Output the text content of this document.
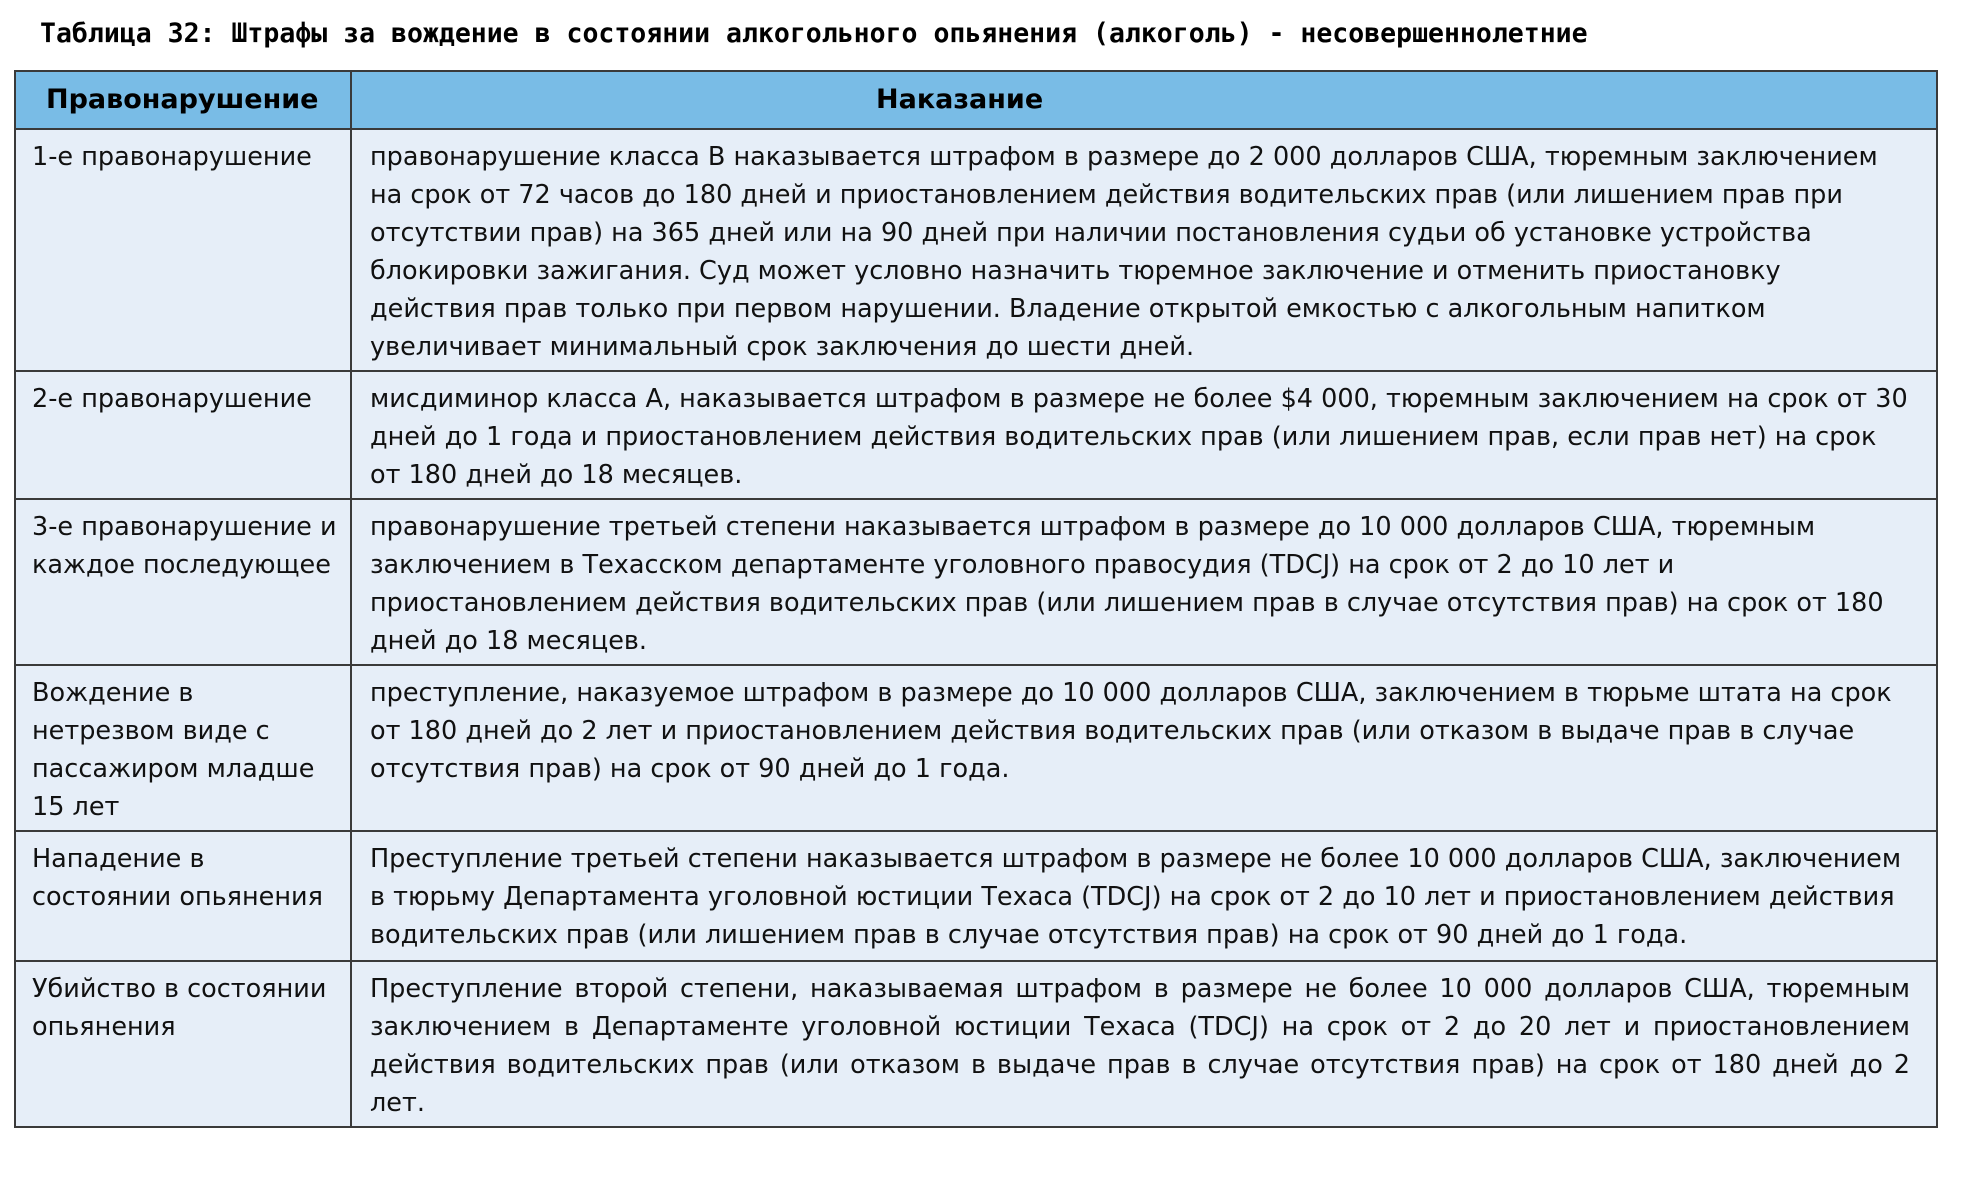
Таблица 32: Штрафы за вождение в состоянии алкогольного опьянения (алкоголь) - несовершеннолетние
Правонарушение	Наказание
1-е правонарушение	правонарушение класса B наказывается штрафом в размере до 2 000 долларов США, тюремным заключением на срок от 72 часов до 180 дней и приостановлением действия водительских прав (или лишением прав при отсутствии прав) на 365 дней или на 90 дней при наличии постановления судьи об установке устройства блокировки зажигания. Суд может условно назначить тюремное заключение и отменить приостановку действия прав только при первом нарушении. Владение открытой емкостью с алкогольным напитком увеличивает минимальный срок заключения до шести дней.
2-е правонарушение	мисдиминор класса A, наказывается штрафом в размере не более $4 000, тюремным заключением на срок от 30 дней до 1 года и приостановлением действия водительских прав (или лишением прав, если прав нет) на срок от 180 дней до 18 месяцев.
3-е правонарушение и каждое последующее	правонарушение третьей степени наказывается штрафом в размере до 10 000 долларов США, тюремным заключением в Техасском департаменте уголовного правосудия (TDCJ) на срок от 2 до 10 лет и приостановлением действия водительских прав (или лишением прав в случае отсутствия прав) на срок от 180 дней до 18 месяцев.
Вождение в нетрезвом виде с пассажиром младше 15 лет	преступление, наказуемое штрафом в размере до 10 000 долларов США, заключением в тюрьме штата на срок от 180 дней до 2 лет и приостановлением действия водительских прав (или отказом в выдаче прав в случае отсутствия прав) на срок от 90 дней до 1 года.
Нападение в состоянии опьянения	Преступление третьей степени наказывается штрафом в размере не более 10 000 долларов США, заключением в тюрьму Департамента уголовной юстиции Техаса (TDCJ) на срок от 2 до 10 лет и приостановлением действия водительских прав (или лишением прав в случае отсутствия прав) на срок от 90 дней до 1 года.
Убийство в состоянии опьянения	Преступление второй степени, наказываемая штрафом в размере не более 10 000 долларов США, тюремным заключением в Департаменте уголовной юстиции Техаса (TDCJ) на срок от 2 до 20 лет и приостановлением действия водительских прав (или отказом в выдаче прав в случае отсутствия прав) на срок от 180 дней до 2 лет.
